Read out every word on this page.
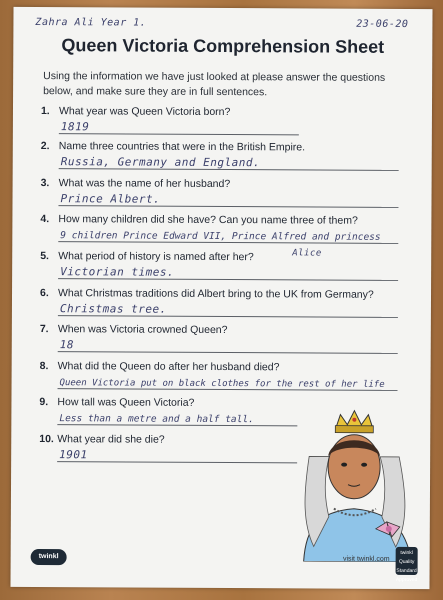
Zahra Ali Year 1.	23-06-20
Queen Victoria Comprehension Sheet
Using the information we have just looked at please answer the questions below, and make sure they are in full sentences.
1. What year was Queen Victoria born?
1819
2. Name three countries that were in the British Empire.
Russia, Germany and England.
3. What was the name of her husband?
Prince Albert.
4. How many children did she have? Can you name three of them?
9 children Prince Edward VII, Prince Alfred and princess
Alice
5. What period of history is named after her?
Victorian times.
6. What Christmas traditions did Albert bring to the UK from Germany?
Christmas tree.
7. When was Victoria crowned Queen?
18
8. What did the Queen do after her husband died?
Queen Victoria put on black clothes for the rest of her life
9. How tall was Queen Victoria?
Less than a metre and a half tall.
10. What year did she die?
1901
twinkl	visit twinkl.com
twinkl Quality Standard Approved
